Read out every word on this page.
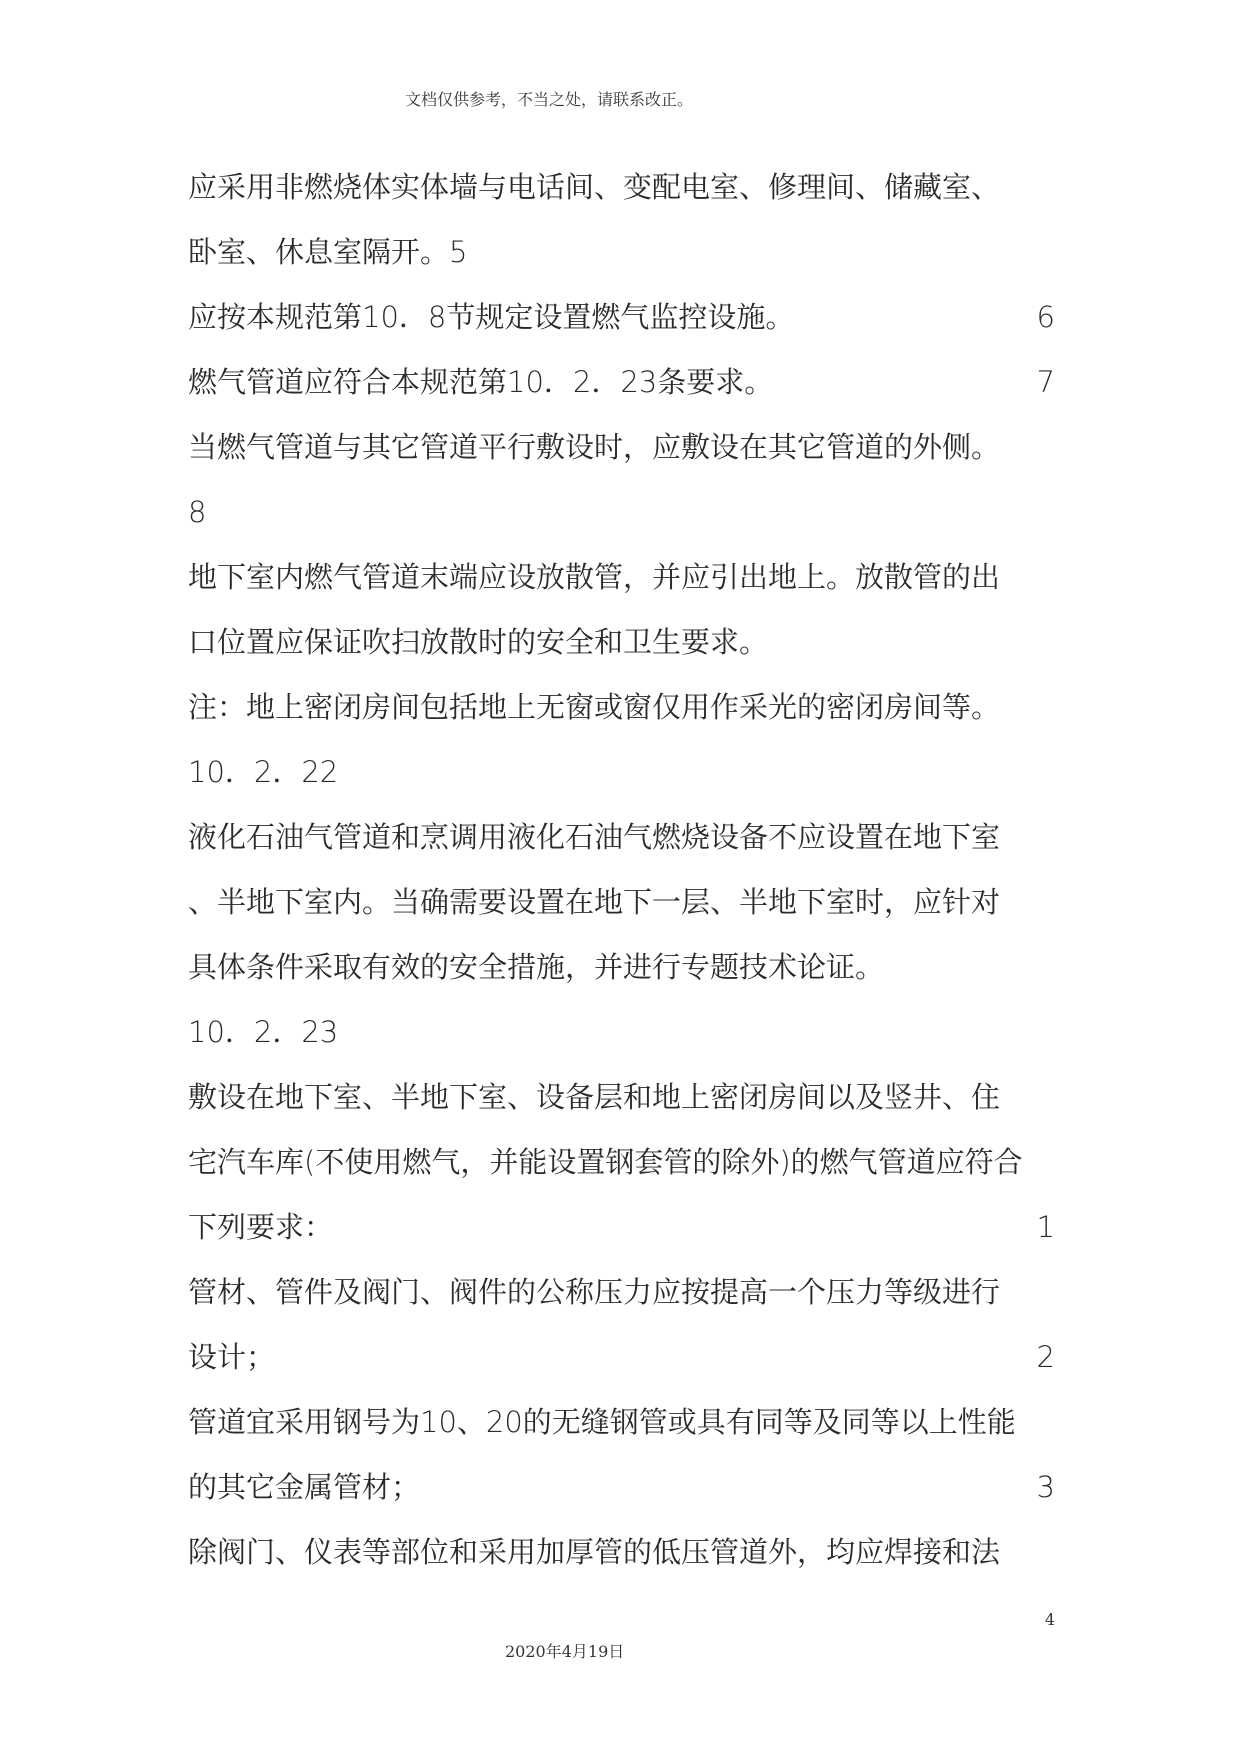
文档仅供参考，不当之处，请联系改正。
应采用非燃烧体实体墙与电话间、变配电室、修理间、储藏室、
卧室、休息室隔开。5
应按本规范第10．8节规定设置燃气监控设施。	6
燃气管道应符合本规范第10．2．23条要求。	7
当燃气管道与其它管道平行敷设时，应敷设在其它管道的外侧。
8
地下室内燃气管道末端应设放散管，并应引出地上。放散管的出
口位置应保证吹扫放散时的安全和卫生要求。
注：地上密闭房间包括地上无窗或窗仅用作采光的密闭房间等。
10．2．22
液化石油气管道和烹调用液化石油气燃烧设备不应设置在地下室
、半地下室内。当确需要设置在地下一层、半地下室时，应针对
具体条件采取有效的安全措施，并进行专题技术论证。
10．2．23
敷设在地下室、半地下室、设备层和地上密闭房间以及竖井、住
宅汽车库(不使用燃气，并能设置钢套管的除外)的燃气管道应符合
下列要求：	1
管材、管件及阀门、阀件的公称压力应按提高一个压力等级进行
设计；	2
管道宜采用钢号为10、20的无缝钢管或具有同等及同等以上性能
的其它金属管材；	3
除阀门、仪表等部位和采用加厚管的低压管道外，均应焊接和法
4
2020年4月19日
